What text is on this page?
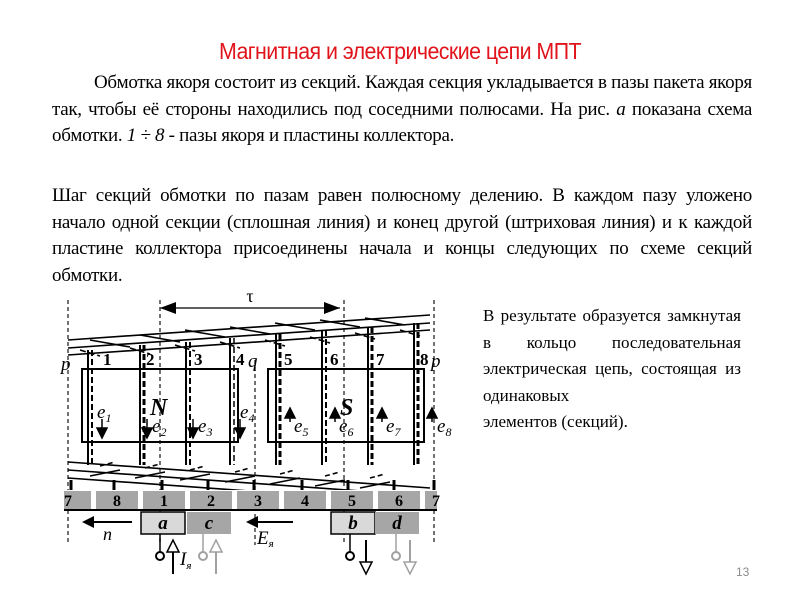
Магнитная и электрические цепи МПТ
Обмотка якоря состоит из секций. Каждая секция укладывается в пазы пакета якоря так, чтобы её стороны находились под соседними полюсами. На рис. а показана схема обмотки. 1 ÷ 8 - пазы якоря и пластины коллектора.
Шаг секций обмотки по пазам равен полюсному делению. В каждом пазу уложено начало одной секции (сплошная линия) и конец другой (штриховая линия) и к каждой пластине коллектора присоединены начала и концы следующих по схеме секций обмотки.
В результате образуется замкнутая в кольцо последовательная электрическая цепь, состоящая из одинаковых
элементов (секций).
τ
1 2 3 4 5 6 7 8
p	q	p
N	S
$e_1$ $e_2$ $e_3$
$e_4$ $e_5$ $e_6$ $e_7$ $e_8$
7	8 1 2 3 4 5 6 7
a c	b d
n	Eя
$I_я$	13
